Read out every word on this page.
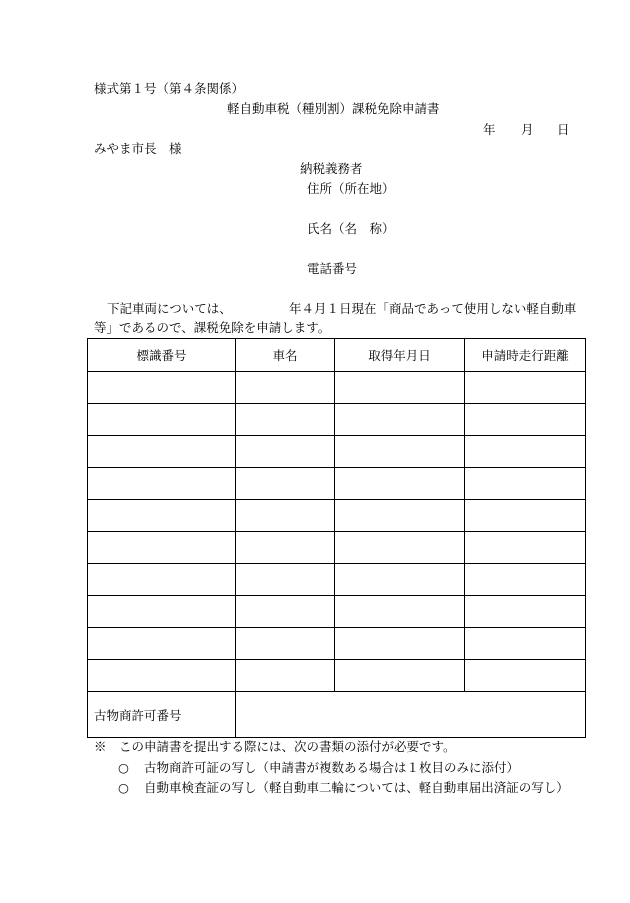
様式第１号（第４条関係）
軽自動車税（種別割）課税免除申請書
年 月 日
みやま市長　様
納税義務者
住所（所在地）
氏名（名　称）
電話番号
下記車両については、	年４月１日現在「商品であって使用しない軽自動車
等」であるので、課税免除を申請します。
標識番号	車名	取得年月日	申請時走行距離

古物商許可番号			
※　この申請書を提出する際には、次の書類の添付が必要です。
○ 古物商許可証の写し（申請書が複数ある場合は１枚目のみに添付）
○ 自動車検査証の写し（軽自動車二輪については、軽自動車届出済証の写し）
